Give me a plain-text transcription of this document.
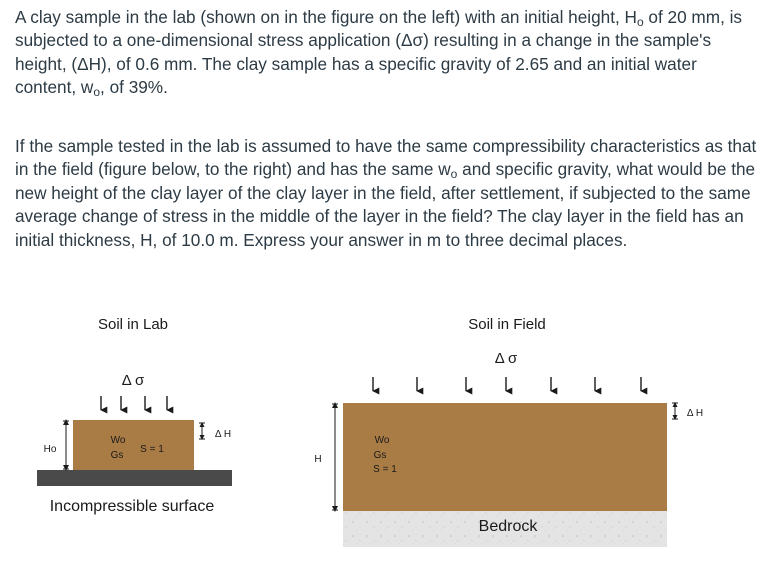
A clay sample in the lab (shown on in the figure on the left) with an initial height, $H_o$ of 20 mm, is subjected to a one-dimensional stress application (Δσ) resulting in a change in the sample's height, (ΔH), of 0.6 mm. The clay sample has a specific gravity of 2.65 and an initial water content, $w_o$, of 39%.

If the sample tested in the lab is assumed to have the same compressibility characteristics as that in the field (figure below, to the right) and has the same $w_o$ and specific gravity, what would be the new height of the clay layer of the clay layer in the field, after settlement, if subjected to the same average change of stress in the middle of the layer in the field? The clay layer in the field has an initial thickness, H, of 10.0 m. Express your answer in m to three decimal places.

Soil in Lab
Δ σ
Wo
Gs
S = 1
Ho
Δ H
Incompressible surface
Soil in Field
Δ σ
Wo
Gs
S = 1
H
Δ H
Bedrock
